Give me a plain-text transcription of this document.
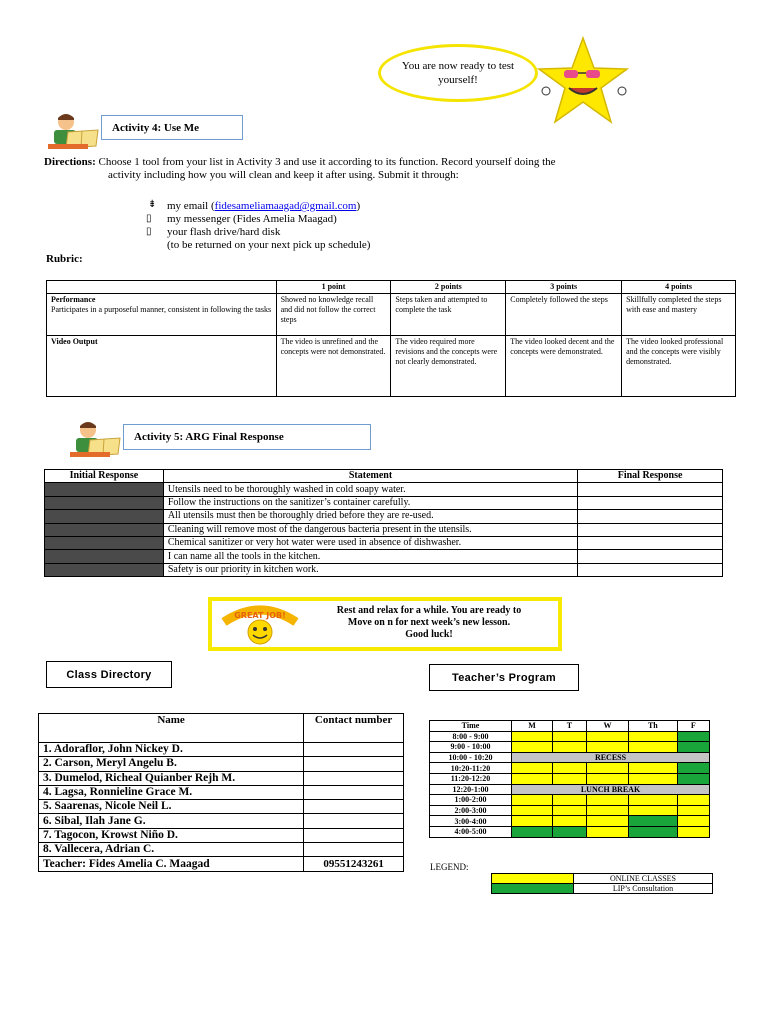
You are now ready to test yourself!
Activity 4: Use Me
Directions: Choose 1 tool from your list in Activity 3 and use it according to its function. Record yourself doing the activity including how you will clean and keep it after using. Submit it through:
⇟ my email (fidesameliamaagad@gmail.com)
▯ my messenger (Fides Amelia Maagad)
▯ your flash drive/hard disk
(to be returned on your next pick up schedule)
Rubric:
	1 point	2 points	3 points	4 points

Performance
Participates in a purposeful manner, consistent in following the tasks	Showed no knowledge recall and did not follow the correct steps	Steps taken and attempted to complete the task	Completely followed the steps	Skillfully completed the steps with ease and mastery

Video Output	The video is unrefined and the concepts were not demonstrated.	The video required more revisions and the concepts were not clearly demonstrated.	The video looked decent and the concepts were demonstrated.	The video looked professional and the concepts were visibly demonstrated.
Activity 5: ARG Final Response
Initial Response	Statement	Final Response
	Utensils need to be thoroughly washed in cold soapy water.	
	Follow the instructions on the sanitizer’s container carefully.	
	All utensils must then be thoroughly dried before they are re-used.	
	Cleaning will remove most of the dangerous bacteria present in the utensils.	
	Chemical sanitizer or very hot water were used in absence of dishwasher.	
	I can name all the tools in the kitchen.	
	Safety is our priority in kitchen work.	
GREAT JOB!	Rest and relax for a while. You are ready to
Move on n for next week’s new lesson.
Good luck!
Class Directory
Name	Contact number
1. Adoraflor, John Nickey D.	
2. Carson, Meryl Angelu B.	
3. Dumelod, Richeal Quianber Rejh M.	
4. Lagsa, Ronnieline Grace M.	
5. Saarenas, Nicole Neil L.	
6. Sibal, Ilah Jane G.	
7. Tagocon, Krowst Niño D.	
8. Vallecera, Adrian C.	
Teacher: Fides Amelia C. Maagad	09551243261
Teacher’s Program
Time	M	T	W	Th	F
8:00 - 9:00					
9:00 - 10:00					
10:00 - 10:20	RECESS				
10:20-11:20					
11:20-12:20					
12:20-1:00	LUNCH BREAK				
1:00-2:00					
2:00-3:00					
3:00-4:00					
4:00-5:00					
LEGEND:
	ONLINE CLASSES
	LIP’s Consultation
